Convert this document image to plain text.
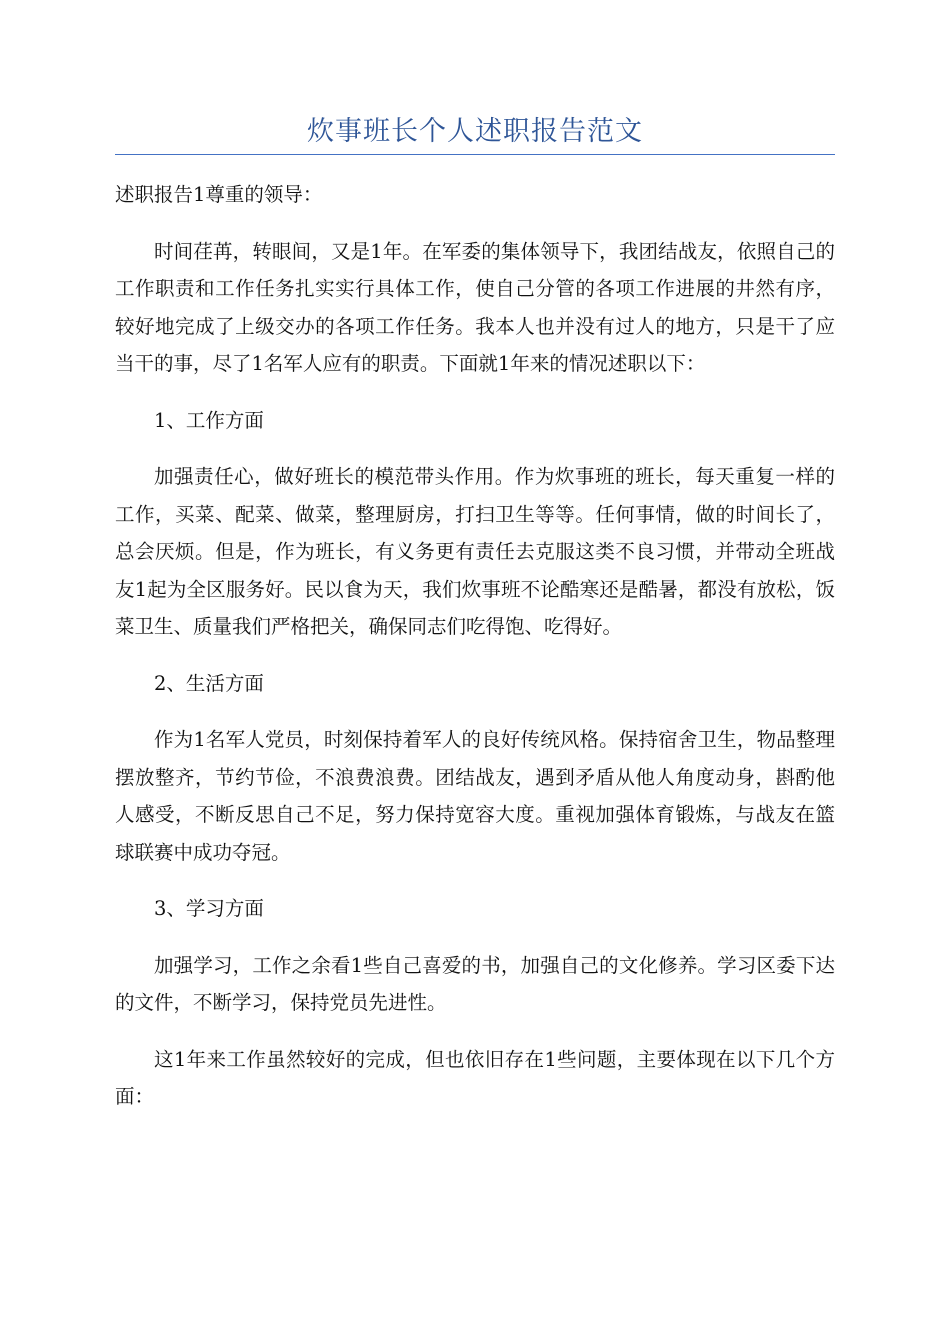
炊事班长个人述职报告范文

述职报告1尊重的领导：

时间荏苒，转眼间，又是1年。在军委的集体领导下，我团结战友，依照自己的工作职责和工作任务扎实实行具体工作，使自己分管的各项工作进展的井然有序，较好地完成了上级交办的各项工作任务。我本人也并没有过人的地方，只是干了应当干的事，尽了1名军人应有的职责。下面就1年来的情况述职以下：

1、工作方面

加强责任心，做好班长的模范带头作用。作为炊事班的班长，每天重复一样的工作，买菜、配菜、做菜，整理厨房，打扫卫生等等。任何事情，做的时间长了，总会厌烦。但是，作为班长，有义务更有责任去克服这类不良习惯，并带动全班战友1起为全区服务好。民以食为天，我们炊事班不论酷寒还是酷暑，都没有放松，饭菜卫生、质量我们严格把关，确保同志们吃得饱、吃得好。

2、生活方面

作为1名军人党员，时刻保持着军人的良好传统风格。保持宿舍卫生，物品整理摆放整齐，节约节俭，不浪费浪费。团结战友，遇到矛盾从他人角度动身，斟酌他人感受，不断反思自己不足，努力保持宽容大度。重视加强体育锻炼，与战友在篮球联赛中成功夺冠。

3、学习方面

加强学习，工作之余看1些自己喜爱的书，加强自己的文化修养。学习区委下达的文件，不断学习，保持党员先进性。

这1年来工作虽然较好的完成，但也依旧存在1些问题，主要体现在以下几个方面：
